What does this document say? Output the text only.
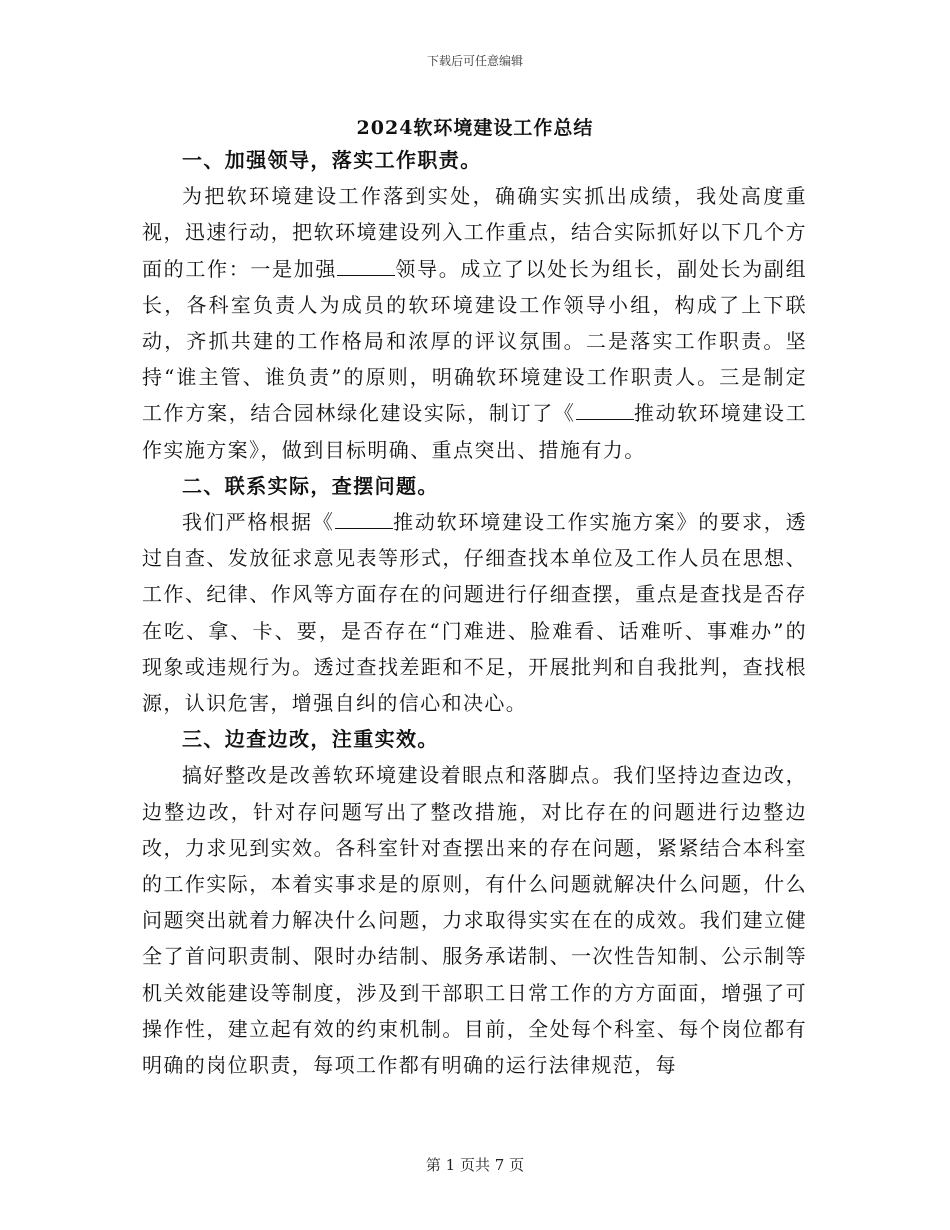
下载后可任意编辑
2024软环境建设工作总结
一、加强领导，落实工作职责。

为把软环境建设工作落到实处，确确实实抓出成绩，我处高度重视，迅速行动，把软环境建设列入工作重点，结合实际抓好以下几个方面的工作：一是加强	领导。成立了以处长为组长，副处长为副组长，各科室负责人为成员的软环境建设工作领导小组，构成了上下联动，齐抓共建的工作格局和浓厚的评议氛围。二是落实工作职责。坚持“谁主管、谁负责”的原则，明确软环境建设工作职责人。三是制定工作方案，结合园林绿化建设实际，制订了《	推动软环境建设工作实施方案》，做到目标明确、重点突出、措施有力。

二、联系实际，查摆问题。

我们严格根据《	推动软环境建设工作实施方案》的要求，透过自查、发放征求意见表等形式，仔细查找本单位及工作人员在思想、工作、纪律、作风等方面存在的问题进行仔细查摆，重点是查找是否存在吃、拿、卡、要，是否存在“门难进、脸难看、话难听、事难办”的现象或违规行为。透过查找差距和不足，开展批判和自我批判，查找根源，认识危害，增强自纠的信心和决心。

三、边查边改，注重实效。

搞好整改是改善软环境建设着眼点和落脚点。我们坚持边查边改，边整边改，针对存问题写出了整改措施，对比存在的问题进行边整边改，力求见到实效。各科室针对查摆出来的存在问题，紧紧结合本科室的工作实际，本着实事求是的原则，有什么问题就解决什么问题，什么问题突出就着力解决什么问题，力求取得实实在在的成效。我们建立健全了首问职责制、限时办结制、服务承诺制、一次性告知制、公示制等机关效能建设等制度，涉及到干部职工日常工作的方方面面，增强了可操作性，建立起有效的约束机制。目前，全处每个科室、每个岗位都有明确的岗位职责，每项工作都有明确的运行法律规范，每

第 1 页共 7 页
